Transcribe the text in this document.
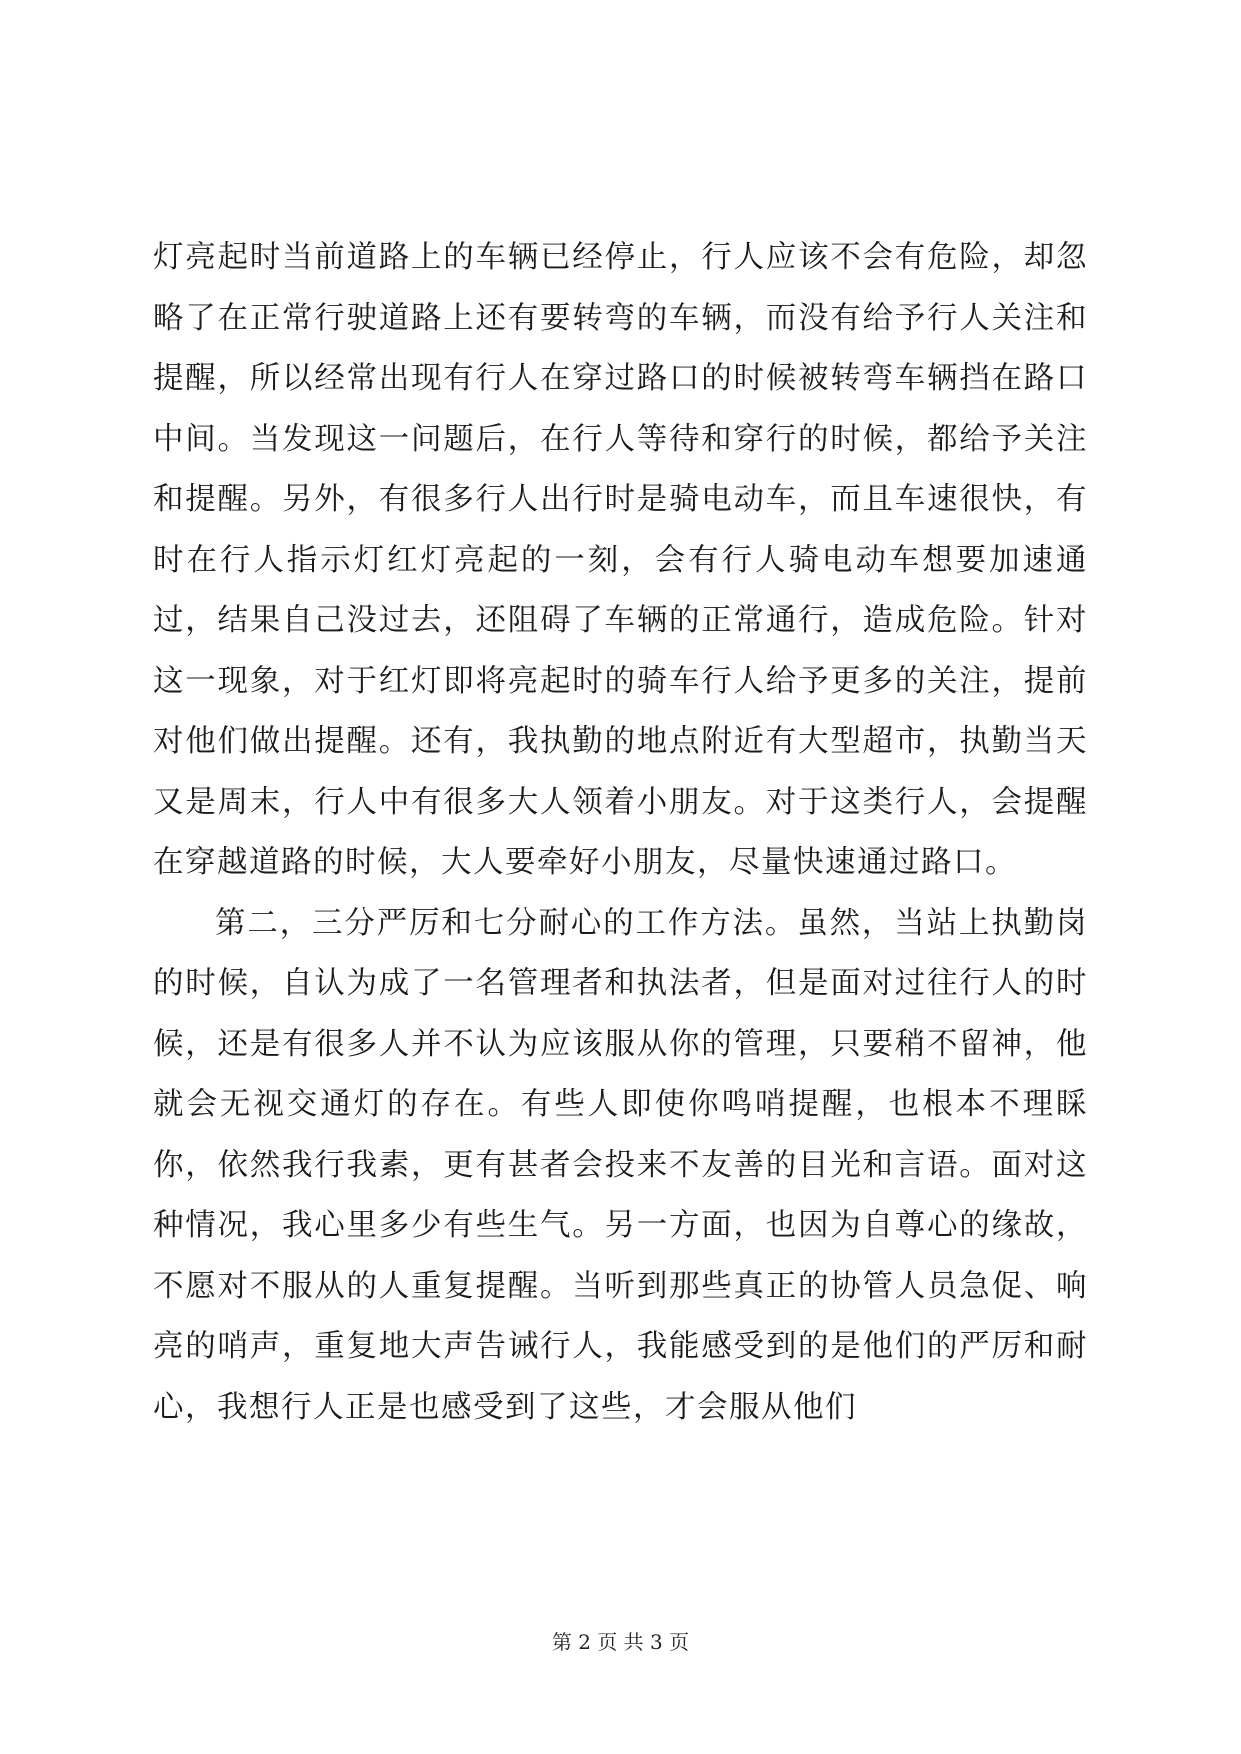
灯亮起时当前道路上的车辆已经停止，行人应该不会有危险，却忽略了在正常行驶道路上还有要转弯的车辆，而没有给予行人关注和提醒，所以经常出现有行人在穿过路口的时候被转弯车辆挡在路口中间。当发现这一问题后，在行人等待和穿行的时候，都给予关注和提醒。另外，有很多行人出行时是骑电动车，而且车速很快，有时在行人指示灯红灯亮起的一刻，会有行人骑电动车想要加速通过，结果自己没过去，还阻碍了车辆的正常通行，造成危险。针对这一现象，对于红灯即将亮起时的骑车行人给予更多的关注，提前对他们做出提醒。还有，我执勤的地点附近有大型超市，执勤当天又是周末，行人中有很多大人领着小朋友。对于这类行人，会提醒在穿越道路的时候，大人要牵好小朋友，尽量快速通过路口。

第二，三分严厉和七分耐心的工作方法。虽然，当站上执勤岗的时候，自认为成了一名管理者和执法者，但是面对过往行人的时候，还是有很多人并不认为应该服从你的管理，只要稍不留神，他就会无视交通灯的存在。有些人即使你鸣哨提醒，也根本不理睬你，依然我行我素，更有甚者会投来不友善的目光和言语。面对这种情况，我心里多少有些生气。另一方面，也因为自尊心的缘故，不愿对不服从的人重复提醒。当听到那些真正的协管人员急促、响亮的哨声，重复地大声告诫行人，我能感受到的是他们的严厉和耐心，我想行人正是也感受到了这些，才会服从他们

第 2 页 共 3 页
